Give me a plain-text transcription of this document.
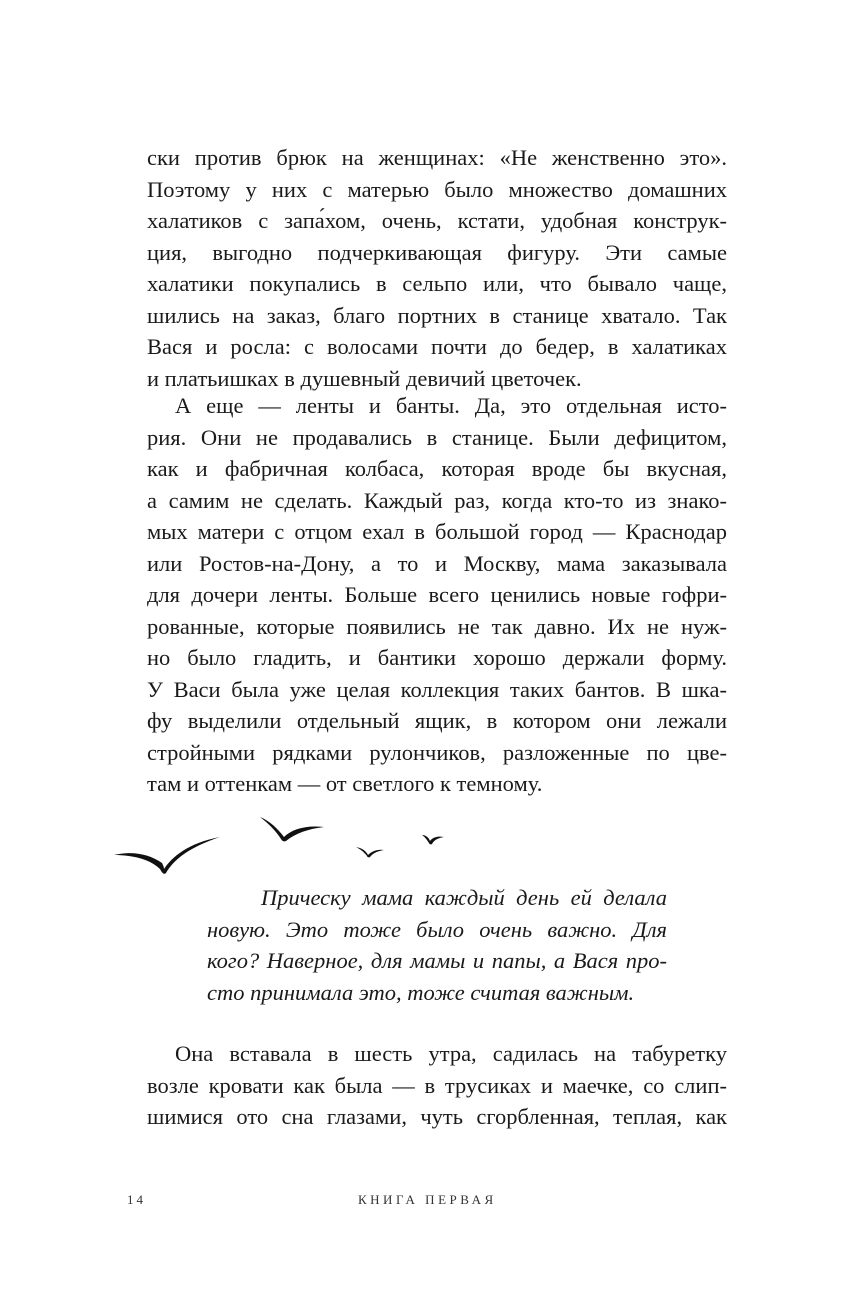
ски против брюк на женщинах: «Не женственно это».
Поэтому у них с матерью было множество домашних
халатиков с запа́хом, очень, кстати, удобная конструк-
ция, выгодно подчеркивающая фигуру. Эти самые
халатики покупались в сельпо или, что бывало чаще,
шились на заказ, благо портних в станице хватало. Так
Вася и росла: с волосами почти до бедер, в халатиках
и платьишках в душевный девичий цветочек.
А еще — ленты и банты. Да, это отдельная исто-
рия. Они не продавались в станице. Были дефицитом,
как и фабричная колбаса, которая вроде бы вкусная,
а самим не сделать. Каждый раз, когда кто-то из знако-
мых матери с отцом ехал в большой город — Краснодар
или Ростов-на-Дону, а то и Москву, мама заказывала
для дочери ленты. Больше всего ценились новые гофри-
рованные, которые появились не так давно. Их не нуж-
но было гладить, и бантики хорошо держали форму.
У Васи была уже целая коллекция таких бантов. В шка-
фу выделили отдельный ящик, в котором они лежали
стройными рядками рулончиков, разложенные по цве-
там и оттенкам — от светлого к темному.
Прическу мама каждый день ей делала
новую. Это тоже было очень важно. Для
кого? Наверное, для мамы и папы, а Вася про-
сто принимала это, тоже считая важным.
Она вставала в шесть утра, садилась на табуретку
возле кровати как была — в трусиках и маечке, со слип-
шимися ото сна глазами, чуть сгорбленная, теплая, как
14	КНИГА ПЕРВАЯ
